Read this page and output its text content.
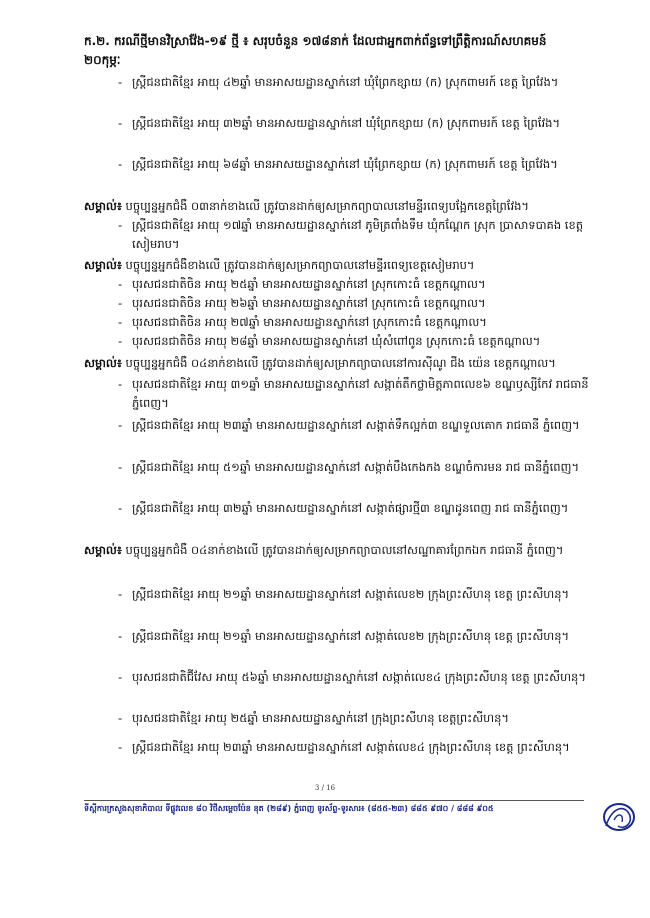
ក.២. ករណីថ្មីមានវិស្រាវ៉ែង-១៩ ថ្មី ៖ សរុបចំនួន ១៧៨នាក់ ដែលជាអ្នកពាក់ព័ន្ធទៅព្រឹត្តិការណ៍សហគមន៍ ២០កុម្ភៈ
- ស្ត្រីជនជាតិខ្មែរ អាយុ ៤២ឆ្នាំ មានអាសយដ្ឋានស្នាក់នៅ ឃុំព្រែកខ្សាយ (ក) ស្រុកពាមរក៍ ខេត្ត ព្រៃវែង។
- ស្ត្រីជនជាតិខ្មែរ អាយុ ៣២ឆ្នាំ មានអាសយដ្ឋានស្នាក់នៅ ឃុំព្រែកខ្សាយ (ក) ស្រុកពាមរក៍ ខេត្ត ព្រៃវែង។
- ស្ត្រីជនជាតិខ្មែរ អាយុ ៦៨ឆ្នាំ មានអាសយដ្ឋានស្នាក់នៅ ឃុំព្រែកខ្សាយ (ក) ស្រុកពាមរក៍ ខេត្ត ព្រៃវែង។
សម្គាល់៖ បច្ចុប្បន្នអ្នកជំងឺ ០៣នាក់ខាងលើ ត្រូវបានដាក់ឲ្យសម្រាកព្យាបាលនៅមន្ទីរពេទ្យបង្អែកខេត្តព្រៃវែង។
- ស្ត្រីជនជាតិខ្មែរ អាយុ ១៧ឆ្នាំ មានអាសយដ្ឋានស្នាក់នៅ ភូមិត្រពាំងទឹម ឃុំកណ្តែក ស្រុក ប្រាសាទបាគង ខេត្តសៀមរាប។
សម្គាល់៖ បច្ចុប្បន្នអ្នកជំងឺខាងលើ ត្រូវបានដាក់ឲ្យសម្រាកព្យាបាលនៅមន្ទីរពេទ្យខេត្តសៀមរាប។
- បុរសជនជាតិចិន អាយុ ២៥ឆ្នាំ មានអាសយដ្ឋានស្នាក់នៅ ស្រុកកោះធំ ខេត្តកណ្តាល។
- បុរសជនជាតិចិន អាយុ ២៦ឆ្នាំ មានអាសយដ្ឋានស្នាក់នៅ ស្រុកកោះធំ ខេត្តកណ្តាល។
- បុរសជនជាតិចិន អាយុ ២៧ឆ្នាំ មានអាសយដ្ឋានស្នាក់នៅ ស្រុកកោះធំ ខេត្តកណ្តាល។
- បុរសជនជាតិចិន អាយុ ២៨ឆ្នាំ មានអាសយដ្ឋានស្នាក់នៅ ឃុំសំពៅពូន ស្រុកកោះធំ ខេត្តកណ្តាល។
សម្គាល់៖ បច្ចុប្បន្នអ្នកជំងឺ ០៤នាក់ខាងលើ ត្រូវបានដាក់ឲ្យសម្រាកព្យាបាលនៅការស៊ីណូ ជីង យ៉េន ខេត្តកណ្តាល។
- បុរសជនជាតិខ្មែរ អាយុ ៣១ឆ្នាំ មានអាសយដ្ឋានស្នាក់នៅ សង្កាត់តឹកថ្លាមិត្តភាពលេខ៦ ខណ្ឌឫស្សីកែវ រាជធានីភ្នំពេញ។
- ស្ត្រីជនជាតិខ្មែរ អាយុ ២៣ឆ្នាំ មានអាសយដ្ឋានស្នាក់នៅ សង្កាត់ទឹកល្អក់៣ ខណ្ឌទួលគោក រាជធានី ភ្នំពេញ។
- ស្ត្រីជនជាតិខ្មែរ អាយុ ៥១ឆ្នាំ មានអាសយដ្ឋានស្នាក់នៅ សង្កាត់បឹងកេងកង ខណ្ឌចំការមន រាជ ធានីភ្នំពេញ។
- ស្ត្រីជនជាតិខ្មែរ អាយុ ៣២ឆ្នាំ មានអាសយដ្ឋានស្នាក់នៅ សង្កាត់ផ្សារថ្មី៣ ខណ្ឌដូនពេញ រាជ ធានីភ្នំពេញ។
សម្គាល់៖ បច្ចុប្បន្នអ្នកជំងឺ ០៤នាក់ខាងលើ ត្រូវបានដាក់ឲ្យសម្រាកព្យាបាលនៅសណ្ឋាគារព្រែកឯក រាជធានី ភ្នំពេញ។
- ស្ត្រីជនជាតិខ្មែរ អាយុ ២១ឆ្នាំ មានអាសយដ្ឋានស្នាក់នៅ សង្កាត់លេខ២ ក្រុងព្រះសីហនុ ខេត្ត ព្រះសីហនុ។
- ស្ត្រីជនជាតិខ្មែរ អាយុ ២១ឆ្នាំ មានអាសយដ្ឋានស្នាក់នៅ សង្កាត់លេខ២ ក្រុងព្រះសីហនុ ខេត្ត ព្រះសីហនុ។
- បុរសជនជាតិជ៊ីវែស អាយុ ៥៦ឆ្នាំ មានអាសយដ្ឋានស្នាក់នៅ សង្កាត់លេខ៤ ក្រុងព្រះសីហនុ ខេត្ត ព្រះសីហនុ។
- បុរសជនជាតិខ្មែរ អាយុ ២៥ឆ្នាំ មានអាសយដ្ឋានស្នាក់នៅ ក្រុងព្រះសីហនុ ខេត្តព្រះសីហនុ។
- ស្ត្រីជនជាតិខ្មែរ អាយុ ២៣ឆ្នាំ មានអាសយដ្ឋានស្នាក់នៅ សង្កាត់លេខ៤ ក្រុងព្រះសីហនុ ខេត្ត ព្រះសីហនុ។
3 / 16
ទីស្តីការក្រសួងសុខាភិបាល ទីផ្លូវលេខ ៨០ វិថីសម្តេចប៉ែន នុត (២៨៩) ភ្នំពេញ ទូរស័ព្ទ-ទូរសារ៖ (៨៥៥-២៣) ៨៨៥ ៩៧០ / ៨៨៨ ៩០៥
